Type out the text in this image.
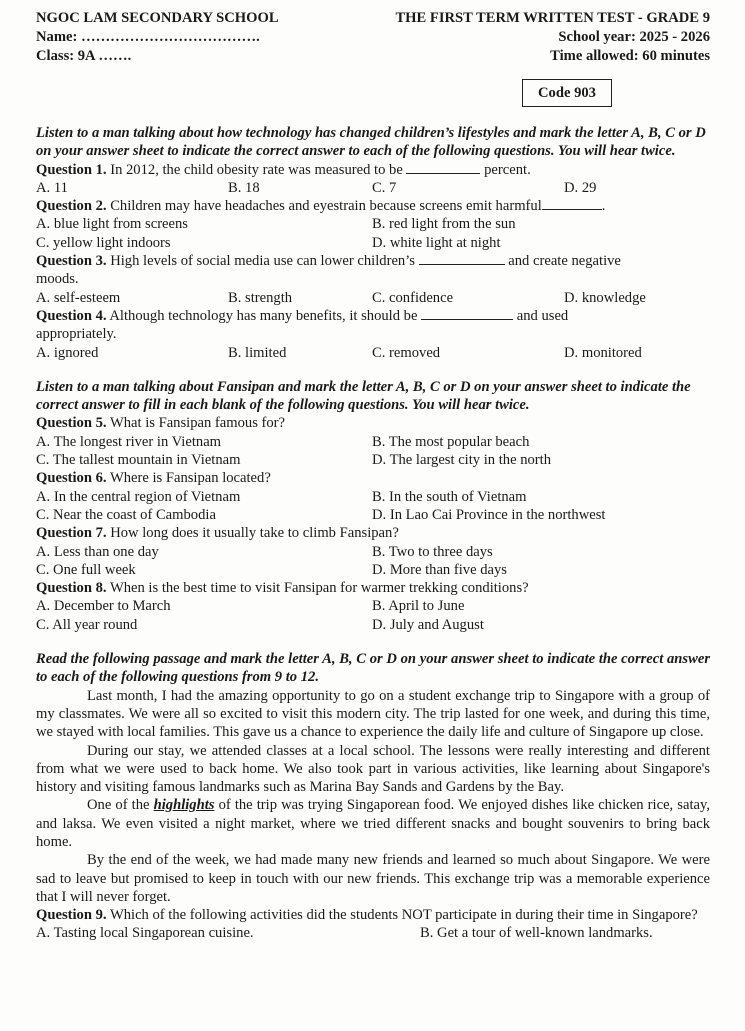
NGOC LAM SECONDARY SCHOOL	THE FIRST TERM WRITTEN TEST - GRADE 9
Name: ……………………………….	School year: 2025 - 2026
Class: 9A …….	Time allowed: 60 minutes
Code 903
Listen to a man talking about how technology has changed children’s lifestyles and mark the letter A, B, C or D on your answer sheet to indicate the correct answer to each of the following questions. You will hear twice.
Question 1. In 2012, the child obesity rate was measured to be	percent.
A. 11	B. 18	C. 7	D. 29
Question 2. Children may have headaches and eyestrain because screens emit harmful	.
A. blue light from screens	B. red light from the sun
C. yellow light indoors	D. white light at night
Question 3. High levels of social media use can lower children’s	and create negative
moods.
A. self-esteem	B. strength	C. confidence	D. knowledge
Question 4. Although technology has many benefits, it should be	and used
appropriately.
A. ignored	B. limited	C. removed	D. monitored
Listen to a man talking about Fansipan and mark the letter A, B, C or D on your answer sheet to indicate the correct answer to fill in each blank of the following questions. You will hear twice.
Question 5. What is Fansipan famous for?
A. The longest river in Vietnam	B. The most popular beach
C. The tallest mountain in Vietnam	D. The largest city in the north
Question 6. Where is Fansipan located?
A. In the central region of Vietnam	B. In the south of Vietnam
C. Near the coast of Cambodia	D. In Lao Cai Province in the northwest
Question 7. How long does it usually take to climb Fansipan?
A. Less than one day	B. Two to three days
C. One full week	D. More than five days
Question 8. When is the best time to visit Fansipan for warmer trekking conditions?
A. December to March	B. April to June
C. All year round	D. July and August
Read the following passage and mark the letter A, B, C or D on your answer sheet to indicate the correct answer to each of the following questions from 9 to 12.
Last month, I had the amazing opportunity to go on a student exchange trip to Singapore with a group of my classmates. We were all so excited to visit this modern city. The trip lasted for one week, and during this time, we stayed with local families. This gave us a chance to experience the daily life and culture of Singapore up close.
During our stay, we attended classes at a local school. The lessons were really interesting and different from what we were used to back home. We also took part in various activities, like learning about Singapore's history and visiting famous landmarks such as Marina Bay Sands and Gardens by the Bay.
One of the highlights of the trip was trying Singaporean food. We enjoyed dishes like chicken rice, satay, and laksa. We even visited a night market, where we tried different snacks and bought souvenirs to bring back home.
By the end of the week, we had made many new friends and learned so much about Singapore. We were sad to leave but promised to keep in touch with our new friends. This exchange trip was a memorable experience that I will never forget.
Question 9. Which of the following activities did the students NOT participate in during their time in Singapore?
A. Tasting local Singaporean cuisine.	B. Get a tour of well-known landmarks.
